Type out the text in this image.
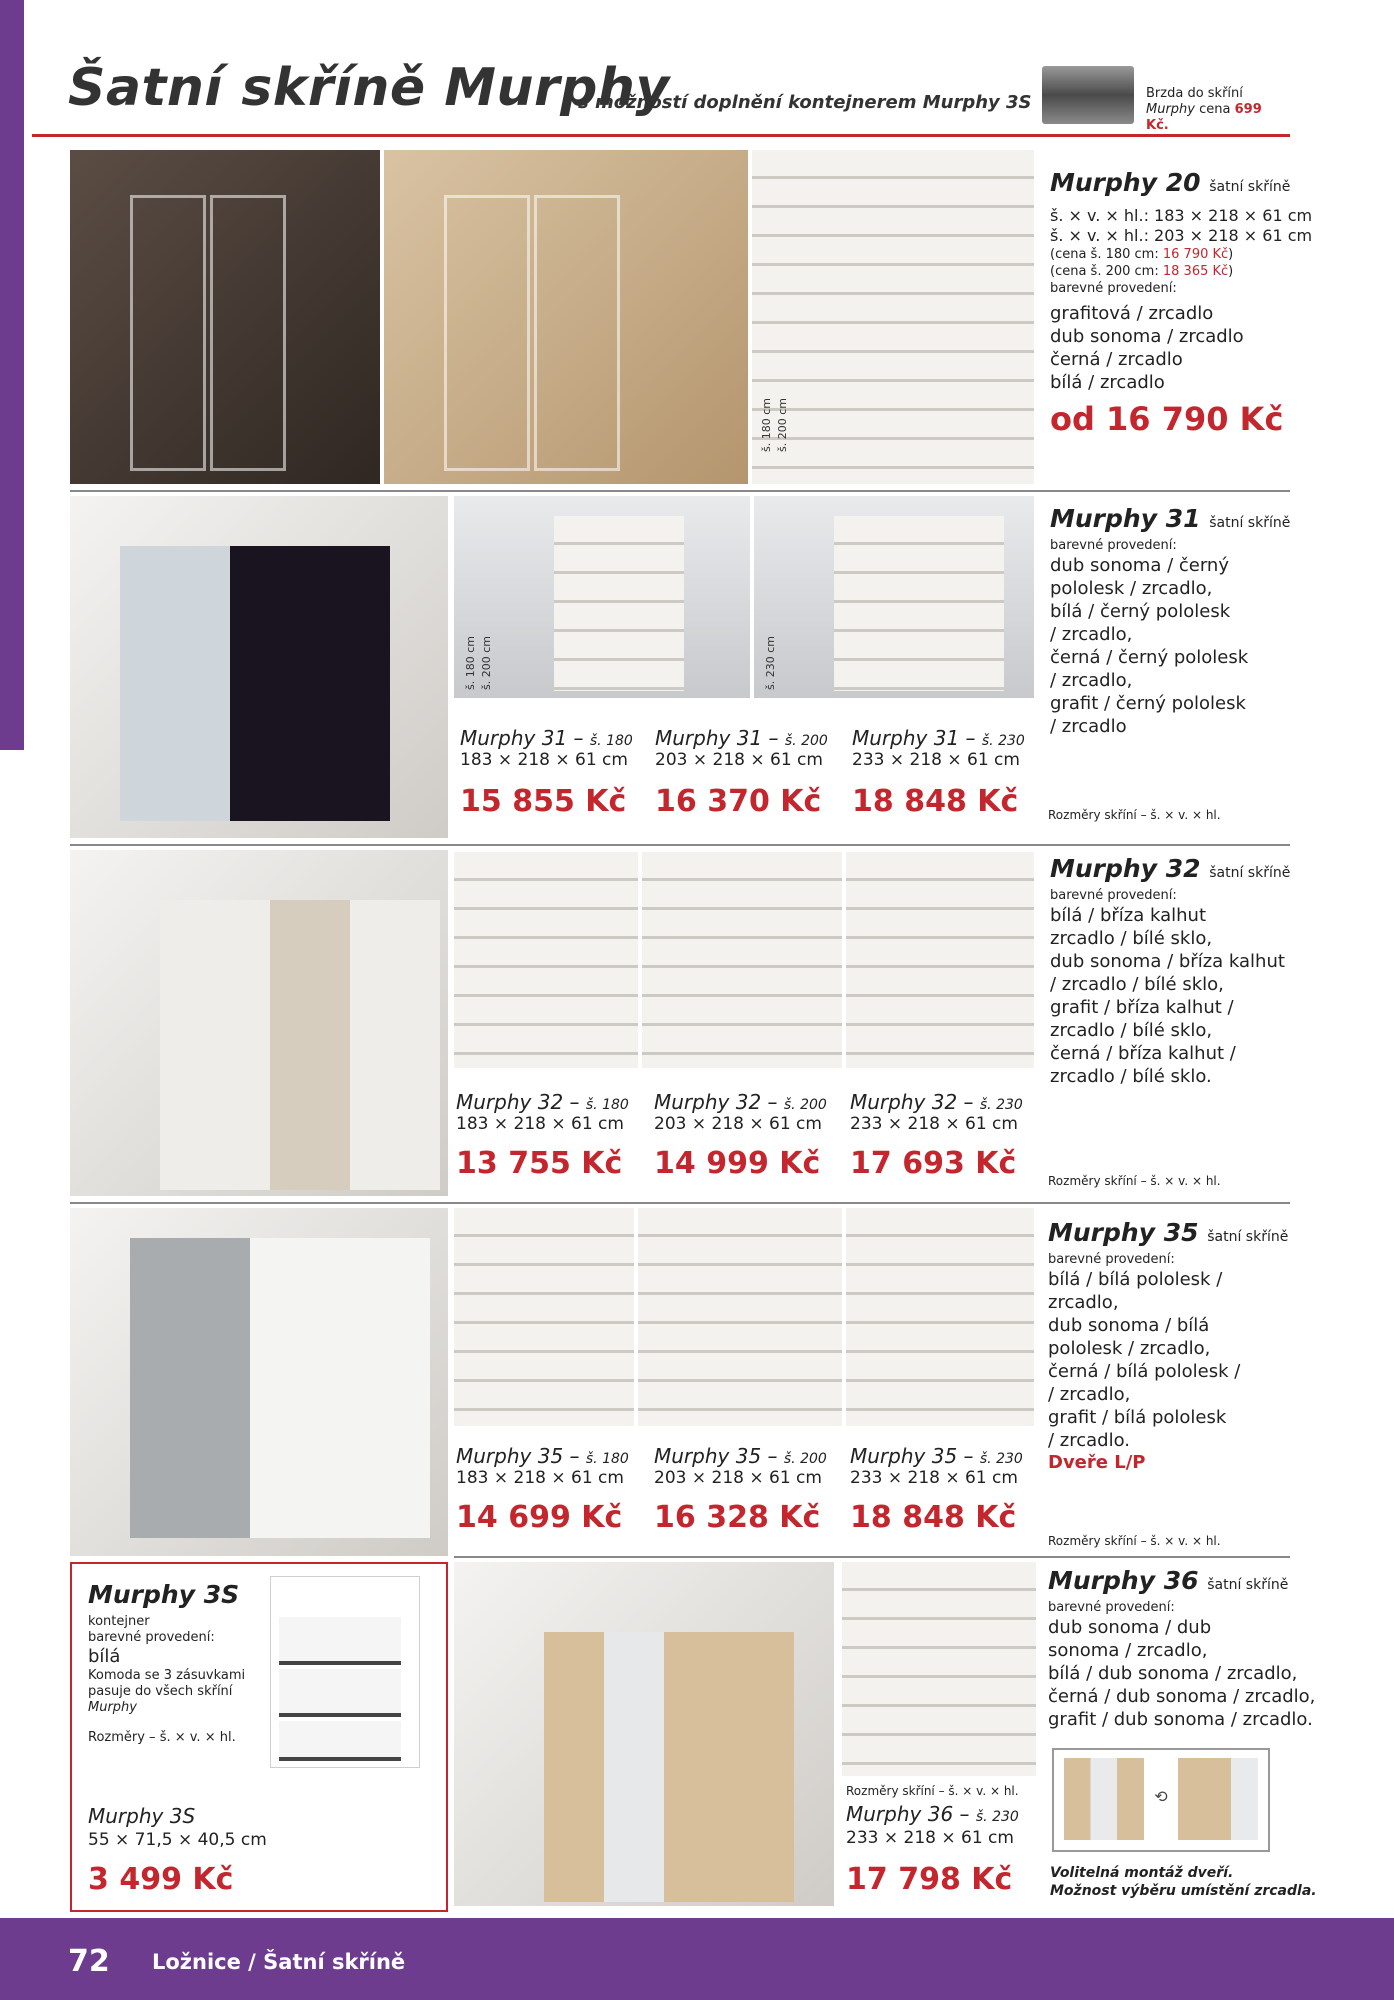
Šatní skříně Murphy
s možností doplnění kontejnerem Murphy 3S	Brzda do skříní
Murphy cena 699 Kč.
š. 180 cm š. 200 cm
Murphy 20 šatní skříně
š. × v. × hl.: 183 × 218 × 61 cm
š. × v. × hl.: 203 × 218 × 61 cm
(cena š. 180 cm: 16 790 Kč)
(cena š. 200 cm: 18 365 Kč)
barevné provedení:
grafitová / zrcadlo
dub sonoma / zrcadlo
černá / zrcadlo
bílá / zrcadlo
od 16 790 Kč
š. 180 cm š. 200 cm	š. 230 cm
Murphy 31 – š. 180
183 × 218 × 61 cm
15 855 Kč
Murphy 31 – š. 200
203 × 218 × 61 cm
16 370 Kč
Murphy 31 – š. 230
233 × 218 × 61 cm
18 848 Kč
Murphy 31 šatní skříně
barevné provedení:
dub sonoma / černý
pololesk / zrcadlo,
bílá / černý pololesk
/ zrcadlo,
černá / černý pololesk
/ zrcadlo,
grafit / černý pololesk
/ zrcadlo
Rozměry skříní – š. × v. × hl.
Murphy 32 – š. 180
183 × 218 × 61 cm
13 755 Kč
Murphy 32 – š. 200
203 × 218 × 61 cm
14 999 Kč
Murphy 32 – š. 230
233 × 218 × 61 cm
17 693 Kč
Murphy 32 šatní skříně
barevné provedení:
bílá / bříza kalhut
zrcadlo / bílé sklo,
dub sonoma / bříza kalhut
/ zrcadlo / bílé sklo,
grafit / bříza kalhut /
zrcadlo / bílé sklo,
černá / bříza kalhut /
zrcadlo / bílé sklo.
Rozměry skříní – š. × v. × hl.
Murphy 35 – š. 180
183 × 218 × 61 cm
14 699 Kč
Murphy 35 – š. 200
203 × 218 × 61 cm
16 328 Kč
Murphy 35 – š. 230
233 × 218 × 61 cm
18 848 Kč
Murphy 35 šatní skříně
barevné provedení:
bílá / bílá pololesk /
zrcadlo,
dub sonoma / bílá
pololesk / zrcadlo,
černá / bílá pololesk /
/ zrcadlo,
grafit / bílá pololesk
/ zrcadlo.
Dveře L/P
Rozměry skříní – š. × v. × hl.
Murphy 3S
kontejner
barevné provedení:
bílá
Komoda se 3 zásuvkami
pasuje do všech skříní
Murphy
Rozměry – š. × v. × hl.
Murphy 3S
55 × 71,5 × 40,5 cm
3 499 Kč
Rozměry skříní – š. × v. × hl.
Murphy 36 – š. 230
233 × 218 × 61 cm
17 798 Kč
Murphy 36 šatní skříně
barevné provedení:
dub sonoma / dub
sonoma / zrcadlo,
bílá / dub sonoma / zrcadlo,
černá / dub sonoma / zrcadlo,
grafit / dub sonoma / zrcadlo.
⟲
Volitelná montáž dveří.
Možnost výběru umístění zrcadla.
72 Ložnice / Šatní skříně
